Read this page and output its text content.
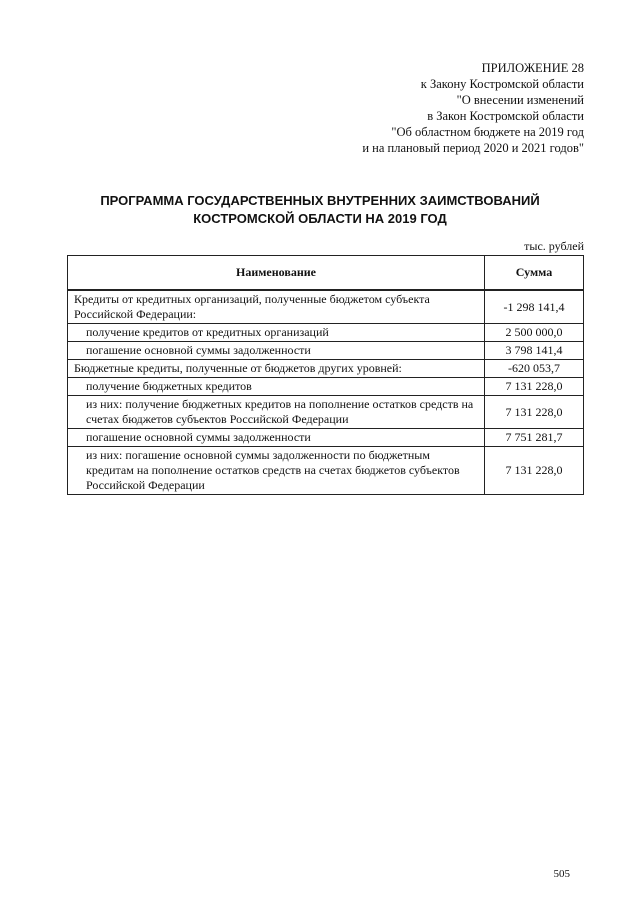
ПРИЛОЖЕНИЕ 28
к Закону Костромской области
"О внесении изменений
в Закон Костромской области
"Об областном бюджете на 2019 год
и на плановый период 2020 и 2021 годов"
ПРОГРАММА ГОСУДАРСТВЕННЫХ ВНУТРЕННИХ ЗАИМСТВОВАНИЙ
КОСТРОМСКОЙ ОБЛАСТИ НА 2019 ГОД
тыс. рублей
Наименование	Сумма
Кредиты от кредитных организаций, полученные бюджетом субъекта Российской Федерации:	-1 298 141,4
получение кредитов от кредитных организаций	2 500 000,0
погашение основной суммы задолженности	3 798 141,4
Бюджетные кредиты, полученные от бюджетов других уровней:	-620 053,7
получение бюджетных кредитов	7 131 228,0
из них: получение бюджетных кредитов на пополнение остатков средств на счетах бюджетов субъектов Российской Федерации	7 131 228,0
погашение основной суммы задолженности	7 751 281,7
из них: погашение основной суммы задолженности по бюджетным кредитам на пополнение остатков средств на счетах бюджетов субъектов Российской Федерации	7 131 228,0
505
